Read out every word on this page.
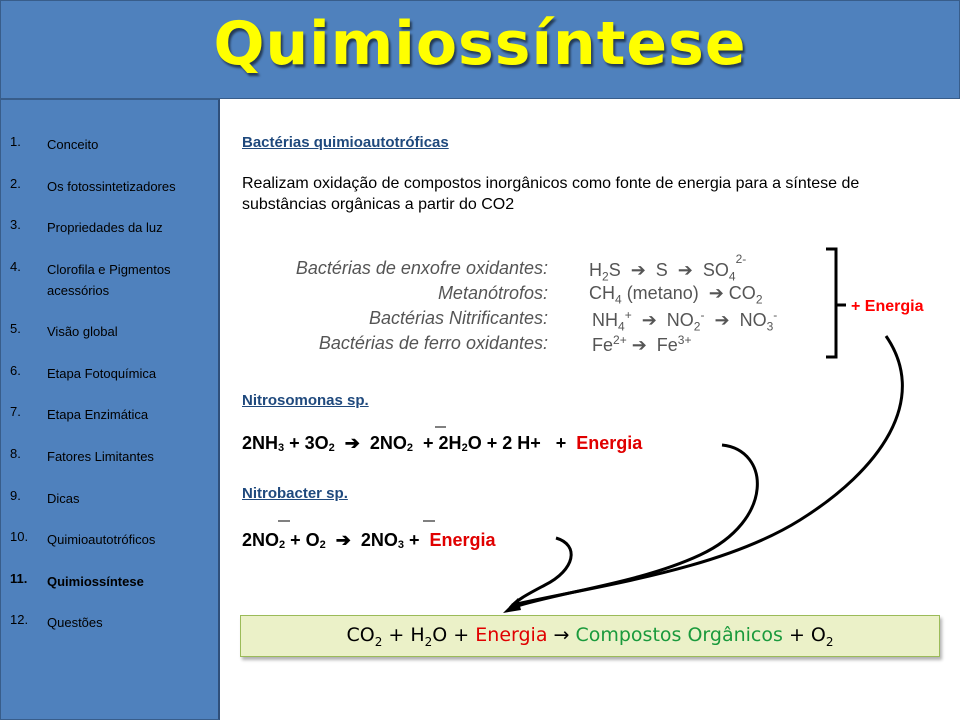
Quimiossíntese
1. Conceito
2. Os fotossintetizadores
3. Propriedades da luz
4. Clorofila e Pigmentos acessórios
5. Visão global
6. Etapa Fotoquímica
7. Etapa Enzimática
8. Fatores Limitantes
9. Dicas
10. Quimioautotróficos
11. Quimiossíntese
12. Questões
Bactérias quimioautotróficas
Realizam oxidação de compostos inorgânicos como fonte de energia para a síntese de substâncias orgânicas a partir do CO2
Bactérias de enxofre oxidantes:
Metanótrofos:
Bactérias Nitrificantes:
Bactérias de ferro oxidantes:
$H_2S$  ➔  S  ➔  $SO_4^{2-}$
$CH_4$ (metano)  ➔ $CO_2$
$NH_4^+$  ➔  $NO_2^-$  ➔  $NO_3^-$
$Fe^{2+}$ ➔  $Fe^{3+}$
+ Energia
Nitrosomonas sp.
$2NH_3 + 3O_2$  ➔  $2NO_2 + 2H_2O + 2$ H+   +  Energia
Nitrobacter sp.
$2NO_2 + O_2$  ➔  $2NO_3$ +  Energia
$CO_2 + H_2O$ + Energia → Compostos Orgânicos + $O_2$
